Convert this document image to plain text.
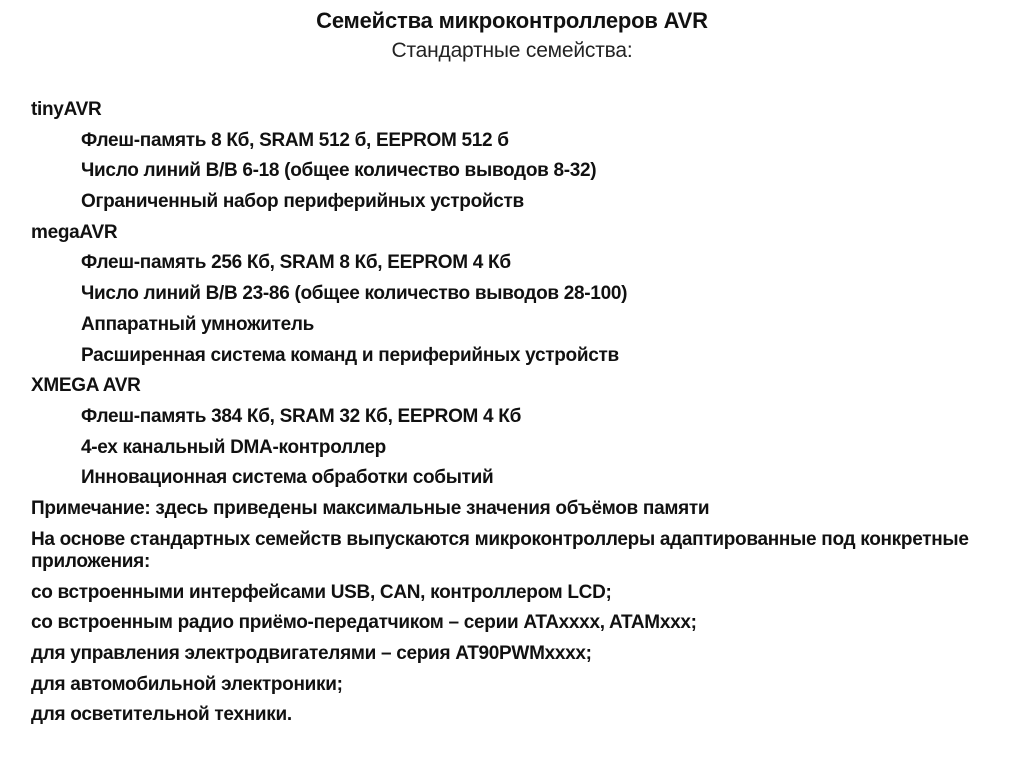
Семейства микроконтроллеров AVR
Стандартные семейства:
tinyAVR
Флеш-память 8 Кб, SRAM 512 б, EEPROM 512 б
Число линий В/В 6-18 (общее количество выводов 8-32)
Ограниченный набор периферийных устройств
megaAVR
Флеш-память 256 Кб, SRAM 8 Кб, EEPROM 4 Кб
Число линий В/В 23-86 (общее количество выводов 28-100)
Аппаратный умножитель
Расширенная система команд и периферийных устройств
XMEGA AVR
Флеш-память 384 Кб, SRAM 32 Кб, EEPROM 4 Кб
4-ех канальный DMA-контроллер
Инновационная система обработки событий
Примечание: здесь приведены максимальные значения объёмов памяти
На основе стандартных семейств выпускаются микроконтроллеры адаптированные под конкретные приложения:
со встроенными интерфейсами USB, CAN, контроллером LCD;
со встроенным радио приёмо-передатчиком – серии ATAxxxx, ATAMxxx;
для управления электродвигателями – серия AT90PWMxxxx;
для автомобильной электроники;
для осветительной техники.
